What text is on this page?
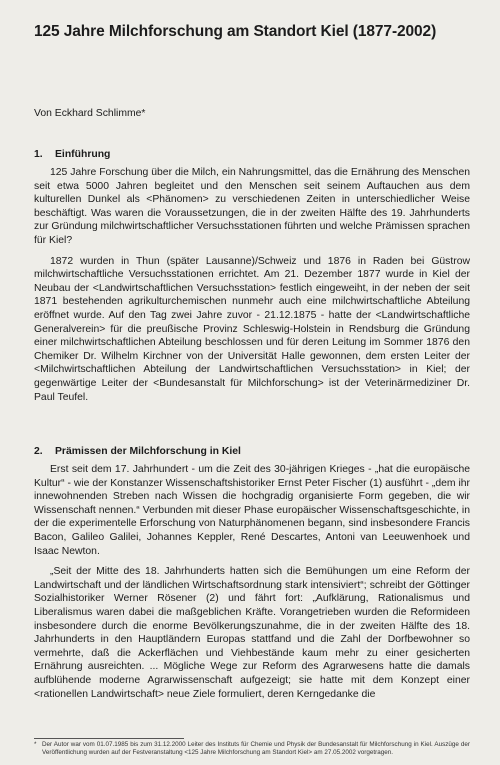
125 Jahre Milchforschung am Standort Kiel (1877-2002)

Von Eckhard Schlimme*

1. Einführung

125 Jahre Forschung über die Milch, ein Nahrungsmittel, das die Ernährung des Menschen seit etwa 5000 Jahren begleitet und den Menschen seit seinem Auftauchen aus dem kulturellen Dunkel als <Phänomen> zu verschiedenen Zeiten in unterschiedlicher Weise beschäftigt. Was waren die Voraussetzungen, die in der zweiten Hälfte des 19. Jahrhunderts zur Gründung milchwirtschaftlicher Versuchsstationen führten und welche Prämissen sprachen für Kiel?

1872 wurden in Thun (später Lausanne)/Schweiz und 1876 in Raden bei Güstrow milchwirtschaftliche Versuchsstationen errichtet. Am 21. Dezember 1877 wurde in Kiel der Neubau der <Landwirtschaftlichen Versuchsstation> festlich eingeweiht, in der neben der seit 1871 bestehenden agrikulturchemischen nunmehr auch eine milchwirtschaftliche Abteilung eröffnet wurde. Auf den Tag zwei Jahre zuvor - 21.12.1875 - hatte der <Landwirtschaftliche Generalverein> für die preußische Provinz Schleswig-Holstein in Rendsburg die Gründung einer milchwirtschaftlichen Abteilung beschlossen und für deren Leitung im Sommer 1876 den Chemiker Dr. Wilhelm Kirchner von der Universität Halle gewonnen, dem ersten Leiter der <Milchwirtschaftlichen Abteilung der Landwirtschaftlichen Versuchsstation> in Kiel; der gegenwärtige Leiter der <Bundesanstalt für Milchforschung> ist der Veterinärmediziner Dr. Paul Teufel.

2. Prämissen der Milchforschung in Kiel

Erst seit dem 17. Jahrhundert - um die Zeit des 30-jährigen Krieges - „hat die europäische Kultur“ - wie der Konstanzer Wissenschaftshistoriker Ernst Peter Fischer (1) ausführt - „dem ihr innewohnenden Streben nach Wissen die hochgradig organisierte Form gegeben, die wir Wissenschaft nennen.“ Verbunden mit dieser Phase europäischer Wissenschaftsgeschichte, in der die experimentelle Erforschung von Naturphänomenen begann, sind insbesondere Francis Bacon, Galileo Galilei, Johannes Keppler, René Descartes, Antoni van Leeuwenhoek und Isaac Newton.

„Seit der Mitte des 18. Jahrhunderts hatten sich die Bemühungen um eine Reform der Landwirtschaft und der ländlichen Wirtschaftsordnung stark intensiviert“; schreibt der Göttinger Sozialhistoriker Werner Rösener (2) und fährt fort: „Aufklärung, Rationalismus und Liberalismus waren dabei die maßgeblichen Kräfte. Vorangetrieben wurden die Reformideen insbesondere durch die enorme Bevölkerungszunahme, die in der zweiten Hälfte des 18. Jahrhunderts in den Hauptländern Europas stattfand und die Zahl der Dorfbewohner so vermehrte, daß die Ackerflächen und Viehbestände kaum mehr zu einer gesicherten Ernährung ausreichten. ... Mögliche Wege zur Reform des Agrarwesens hatte die damals aufblühende moderne Agrarwissenschaft aufgezeigt; sie hatte mit dem Konzept einer <rationellen Landwirtschaft> neue Ziele formuliert, deren Kerngedanke die

* Der Autor war vom 01.07.1985 bis zum 31.12.2000 Leiter des Instituts für Chemie und Physik der Bundesanstalt für Milchforschung in Kiel. Auszüge der Veröffentlichung wurden auf der Festveranstaltung <125 Jahre Milchforschung am Standort Kiel> am 27.05.2002 vorgetragen.
